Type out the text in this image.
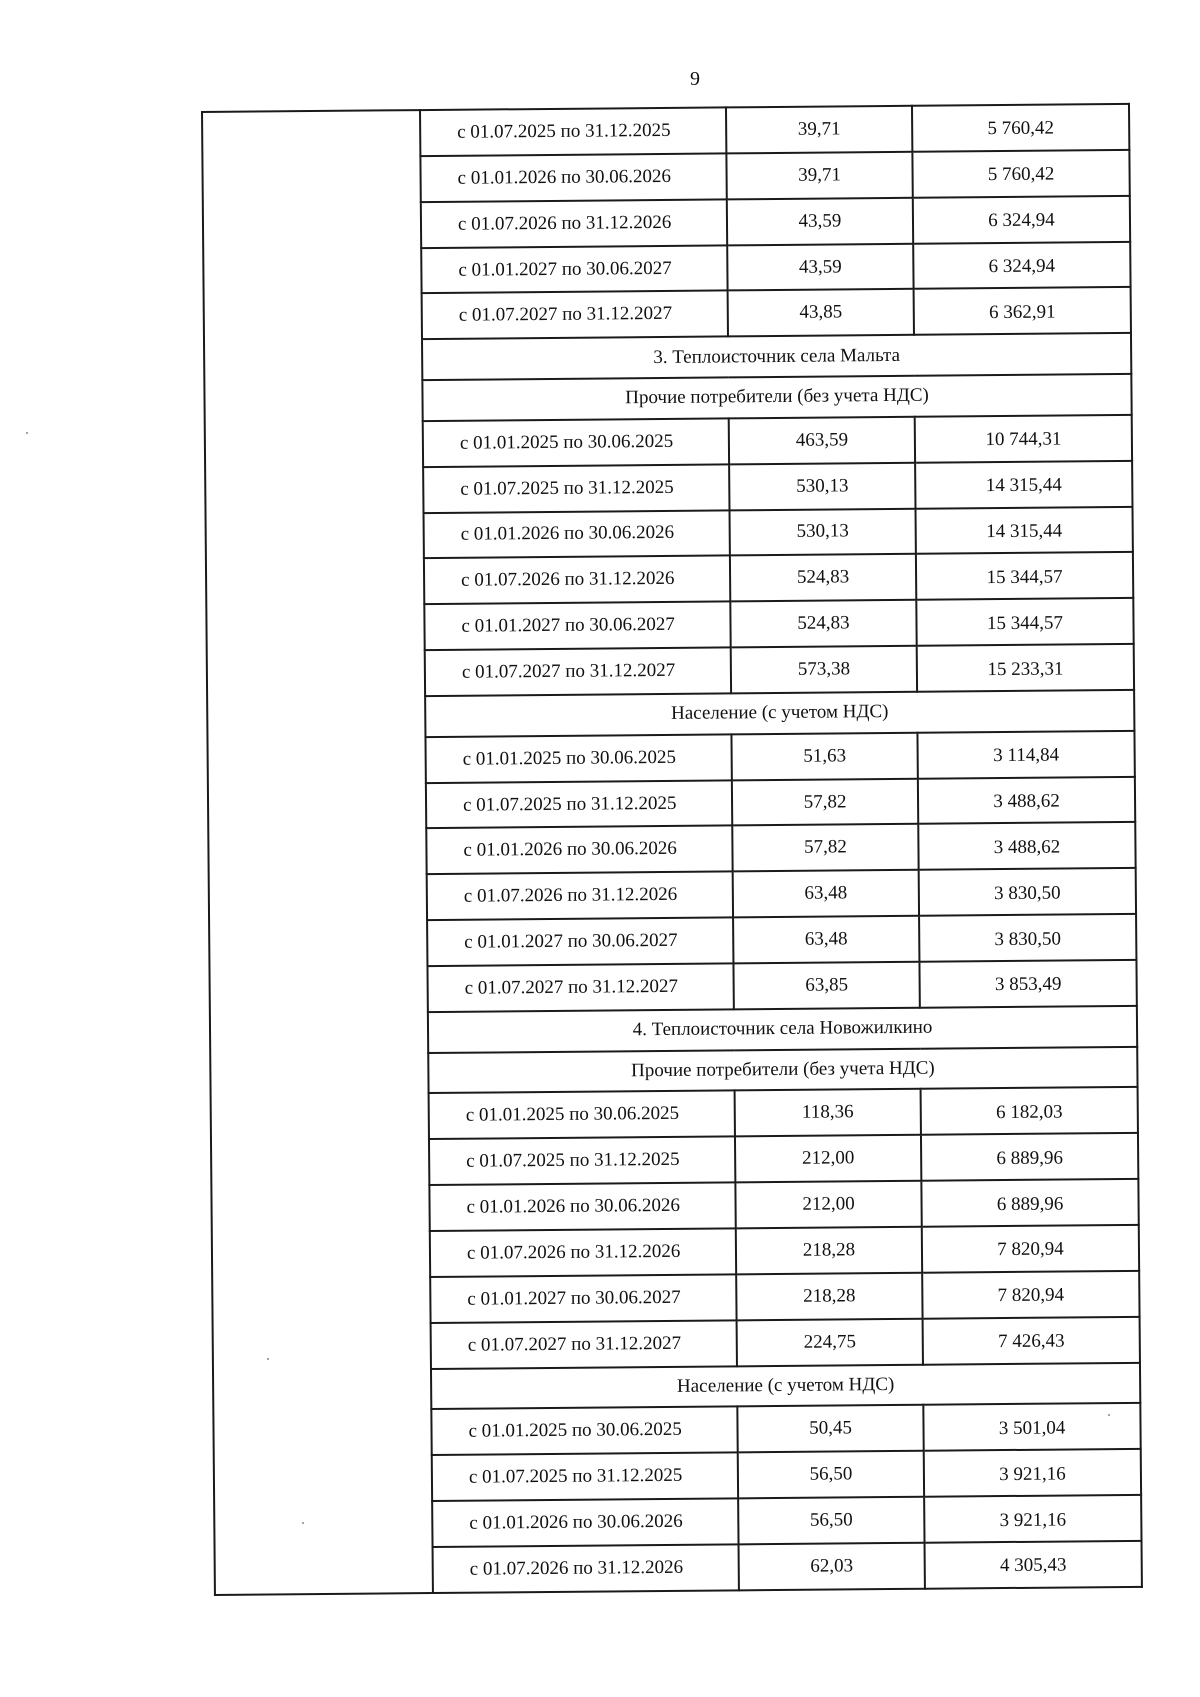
9
с 01.07.2025 по 31.12.2025	39,71	5 760,42
с 01.01.2026 по 30.06.2026	39,71	5 760,42
с 01.07.2026 по 31.12.2026	43,59	6 324,94
с 01.01.2027 по 30.06.2027	43,59	6 324,94
с 01.07.2027 по 31.12.2027	43,85	6 362,91
3. Теплоисточник села Мальта		
Прочие потребители (без учета НДС)		
с 01.01.2025 по 30.06.2025	463,59	10 744,31
с 01.07.2025 по 31.12.2025	530,13	14 315,44
с 01.01.2026 по 30.06.2026	530,13	14 315,44
с 01.07.2026 по 31.12.2026	524,83	15 344,57
с 01.01.2027 по 30.06.2027	524,83	15 344,57
с 01.07.2027 по 31.12.2027	573,38	15 233,31
Население (с учетом НДС)		
с 01.01.2025 по 30.06.2025	51,63	3 114,84
с 01.07.2025 по 31.12.2025	57,82	3 488,62
с 01.01.2026 по 30.06.2026	57,82	3 488,62
с 01.07.2026 по 31.12.2026	63,48	3 830,50
с 01.01.2027 по 30.06.2027	63,48	3 830,50
с 01.07.2027 по 31.12.2027	63,85	3 853,49
4. Теплоисточник села Новожилкино		
Прочие потребители (без учета НДС)		
с 01.01.2025 по 30.06.2025	118,36	6 182,03
с 01.07.2025 по 31.12.2025	212,00	6 889,96
с 01.01.2026 по 30.06.2026	212,00	6 889,96
с 01.07.2026 по 31.12.2026	218,28	7 820,94
с 01.01.2027 по 30.06.2027	218,28	7 820,94
с 01.07.2027 по 31.12.2027	224,75	7 426,43
Население (с учетом НДС)		
с 01.01.2025 по 30.06.2025	50,45	3 501,04
с 01.07.2025 по 31.12.2025	56,50	3 921,16
с 01.01.2026 по 30.06.2026	56,50	3 921,16
с 01.07.2026 по 31.12.2026	62,03	4 305,43
